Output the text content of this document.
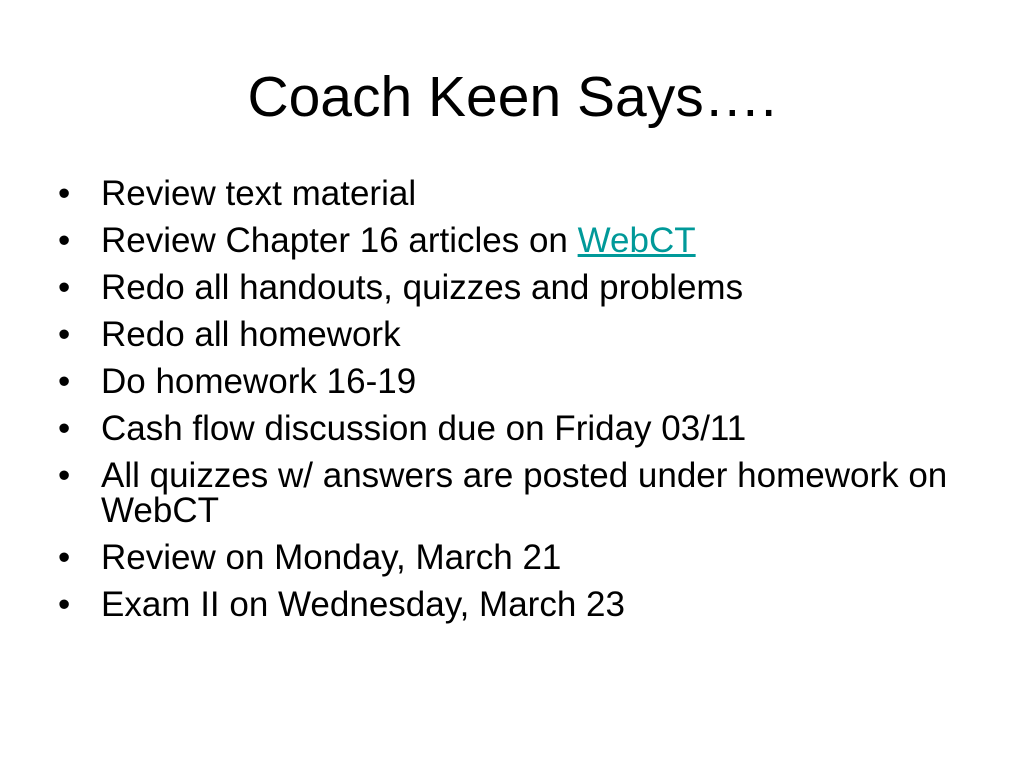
Coach Keen Says….
• Review text material
• Review Chapter 16 articles on WebCT
• Redo all handouts, quizzes and problems
• Redo all homework
• Do homework 16-19
• Cash flow discussion due on Friday 03/11
• All quizzes w/ answers are posted under homework on WebCT
• Review on Monday, March 21
• Exam II on Wednesday, March 23
